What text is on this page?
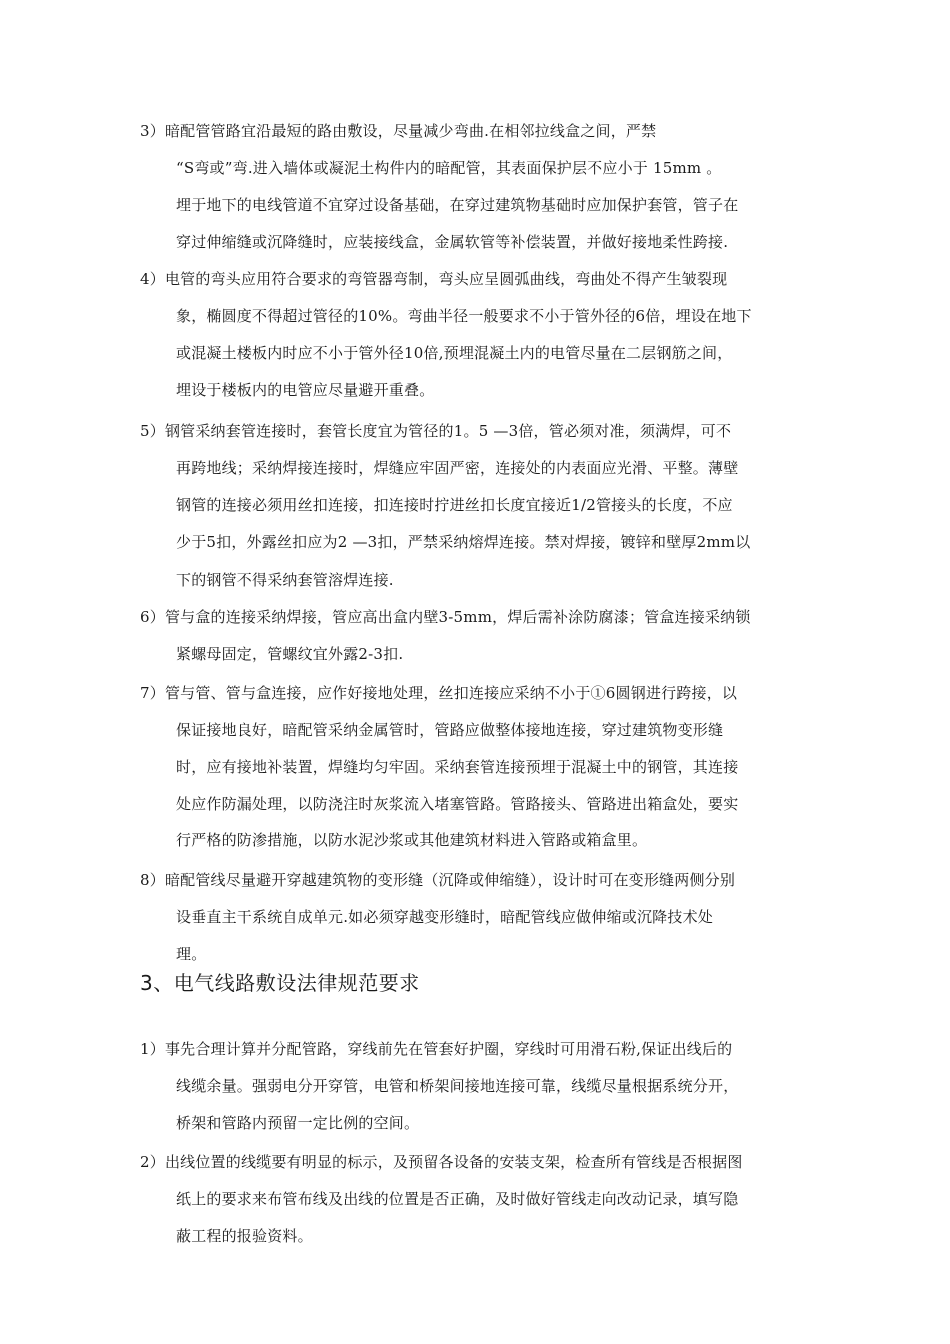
3）暗配管管路宜沿最短的路由敷设，尽量减少弯曲.在相邻拉线盒之间，严禁
“S弯或”弯.进入墙体或凝泥土构件内的暗配管，其表面保护层不应小于 15mm 。
埋于地下的电线管道不宜穿过设备基础，在穿过建筑物基础时应加保护套管，管子在
穿过伸缩缝或沉降缝时，应装接线盒，金属软管等补偿装置，并做好接地柔性跨接.
4）电管的弯头应用符合要求的弯管器弯制，弯头应呈圆弧曲线，弯曲处不得产生皱裂现
象，椭圆度不得超过管径的10%。弯曲半径一般要求不小于管外径的6倍，埋设在地下
或混凝土楼板内时应不小于管外径10倍,预埋混凝土内的电管尽量在二层钢筋之间，
埋设于楼板内的电管应尽量避开重叠。
5）钢管采纳套管连接时，套管长度宜为管径的1。5 —3倍，管必须对准，须满焊，可不
再跨地线；采纳焊接连接时，焊缝应牢固严密，连接处的内表面应光滑、平整。薄壁
钢管的连接必须用丝扣连接，扣连接时拧进丝扣长度宜接近1/2管接头的长度，不应
少于5扣，外露丝扣应为2 —3扣，严禁采纳熔焊连接。禁对焊接，镀锌和壁厚2mm以
下的钢管不得采纳套管溶焊连接.
6）管与盒的连接采纳焊接，管应高出盒内壁3-5mm，焊后需补涂防腐漆；管盒连接采纳锁
紧螺母固定，管螺纹宜外露2-3扣.
7）管与管、管与盒连接，应作好接地处理，丝扣连接应采纳不小于①6圆钢进行跨接，以
保证接地良好，暗配管采纳金属管时，管路应做整体接地连接，穿过建筑物变形缝
时，应有接地补装置，焊缝均匀牢固。采纳套管连接预埋于混凝土中的钢管，其连接
处应作防漏处理，以防浇注时灰浆流入堵塞管路。管路接头、管路进出箱盒处，要实
行严格的防渗措施，以防水泥沙浆或其他建筑材料进入管路或箱盒里。
8）暗配管线尽量避开穿越建筑物的变形缝（沉降或伸缩缝），设计时可在变形缝两侧分别
设垂直主干系统自成单元.如必须穿越变形缝时，暗配管线应做伸缩或沉降技术处
理。
3、电气线路敷设法律规范要求
1）事先合理计算并分配管路，穿线前先在管套好护圈，穿线时可用滑石粉,保证出线后的
线缆余量。强弱电分开穿管，电管和桥架间接地连接可靠，线缆尽量根据系统分开，
桥架和管路内预留一定比例的空间。
2）出线位置的线缆要有明显的标示，及预留各设备的安装支架，检查所有管线是否根据图
纸上的要求来布管布线及出线的位置是否正确，及时做好管线走向改动记录，填写隐
蔽工程的报验资料。
